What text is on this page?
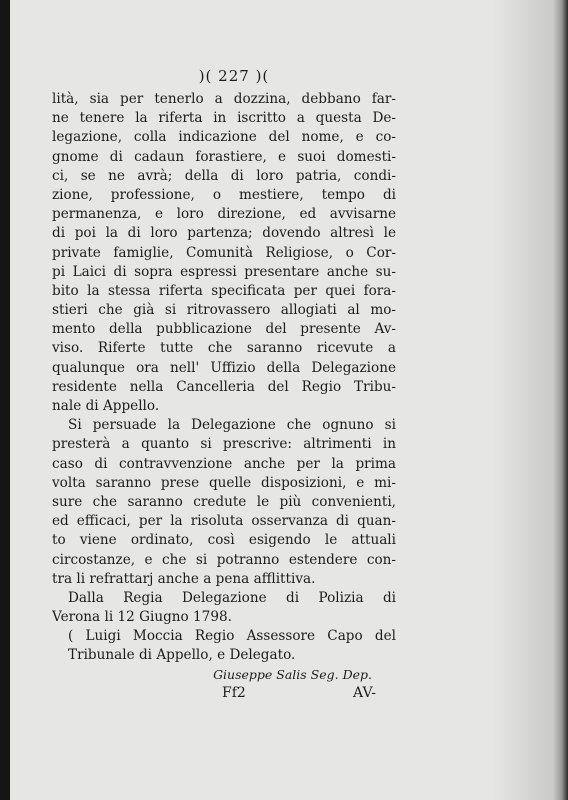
)( 227 )(
lità, sia per tenerlo a dozzina, debbano far-
ne tenere la riferta in iscritto a questa De-
legazione, colla indicazione del nome, e co-
gnome di cadaun forastiere, e suoi domesti-
ci, se ne avrà; della di loro patria, condi-
zione, professione, o mestiere, tempo di
permanenza, e loro direzione, ed avvisarne
di poi la di loro partenza; dovendo altresì le
private famiglie, Comunità Religiose, o Cor-
pi Laici di sopra espressi presentare anche su-
bito la stessa riferta specificata per quei fora-
stieri che già si ritrovassero allogiati al mo-
mento della pubblicazione del presente Av-
viso. Riferte tutte che saranno ricevute a
qualunque ora nell' Uffizio della Delegazione
residente nella Cancelleria del Regio Tribu-
nale di Appello.
Si persuade la Delegazione che ognuno si
presterà a quanto si prescrive: altrimenti in
caso di contravvenzione anche per la prima
volta saranno prese quelle disposizioni, e mi-
sure che saranno credute le più convenienti,
ed efficaci, per la risoluta osservanza di quan-
to viene ordinato, così esigendo le attuali
circostanze, e che si potranno estendere con-
tra li refrattarj anche a pena afflittiva.
Dalla Regia Delegazione di Polizia di
Verona li 12 Giugno 1798.
( Luigi Moccia Regio Assessore Capo del
Tribunale di Appello, e Delegato.
Giuseppe Salis Seg. Dep.
Ff2	AV-
